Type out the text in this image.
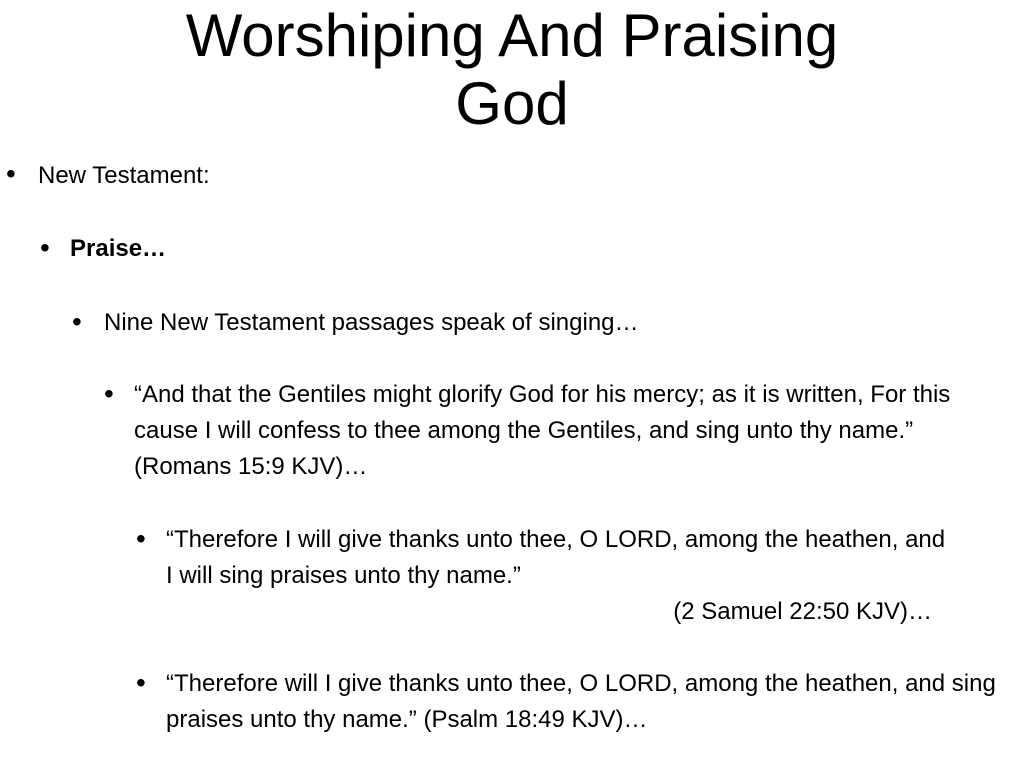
Worshiping And Praising
God
• New Testament:

• Praise…

• Nine New Testament passages speak of singing…

• “And that the Gentiles might glorify God for his mercy; as it is written, For this cause I will confess to thee among the Gentiles, and sing unto thy name.” (Romans 15:9 KJV)…

• “Therefore I will give thanks unto thee, O LORD, among the heathen, and I will sing praises unto thy name.”
(2 Samuel 22:50 KJV)…
• “Therefore will I give thanks unto thee, O LORD, among the heathen, and sing praises unto thy name.” (Psalm 18:49 KJV)…
